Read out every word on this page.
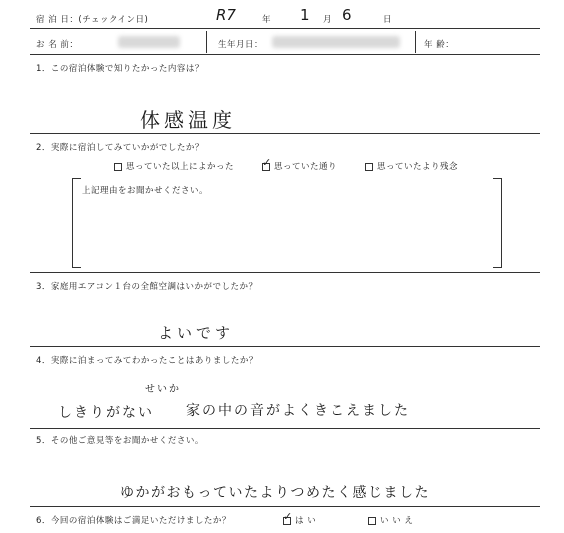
宿 泊 日：(チェックイン日)	R7	年 1 月 6	日
お 名 前：	生年月日：	年 齢：
1．この宿泊体験で知りたかった内容は？
体感温度
2．実際に宿泊してみていかがでしたか？
思っていた以上によかった	✓ 思っていた通り	思っていたより残念
上記理由をお聞かせください。
3．家庭用エアコン１台の全館空調はいかがでしたか？
よいです
4．実際に泊まってみてわかったことはありましたか？
せいか
しきりがない 家の中の音がよくきこえました
5．その他ご意見等をお聞かせください。
ゆかがおもっていたよりつめたく感じました
6．今回の宿泊体験はご満足いただけましたか？	✓ は い	い い え
